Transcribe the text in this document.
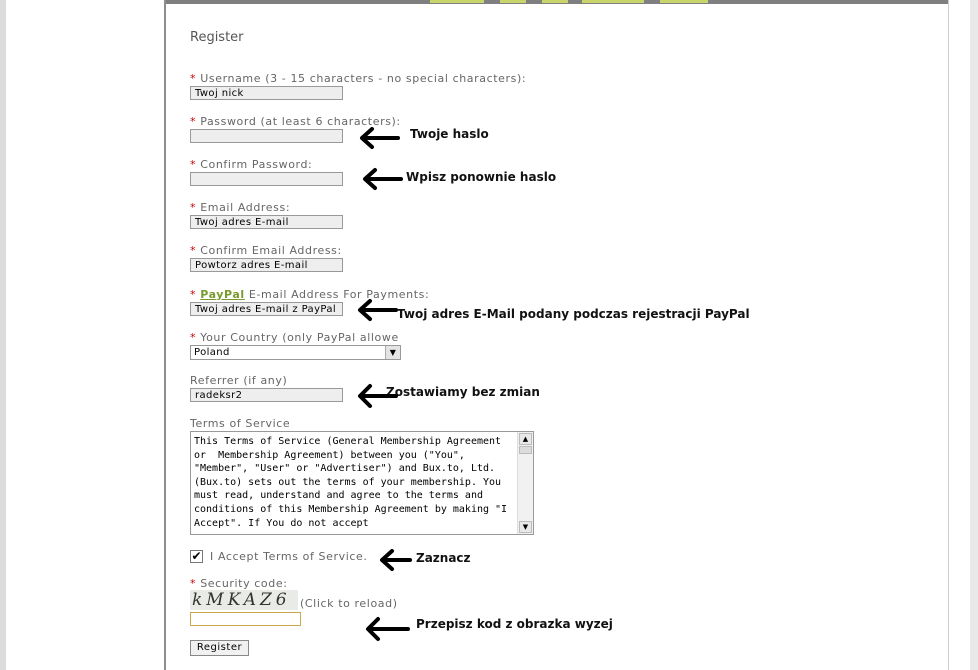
Register
* Username (3 - 15 characters - no special characters):
Twoj nick
* Password (at least 6 characters):
* Confirm Password:
* Email Address:
Twoj adres E-mail
* Confirm Email Address:
Powtorz adres E-mail
* PayPal E-mail Address For Payments:
Twoj adres E-mail z PayPal
* Your Country (only PayPal allowe
Poland	▼
Referrer (if any)
radeksr2
Terms of Service
This Terms of Service (General Membership Agreement or  Membership Agreement) between you ("You", "Member", "User" or "Advertiser") and Bux.to, Ltd. (Bux.to) sets out the terms of your membership. You must read, understand and agree to the terms and conditions of this Membership Agreement by making "I Accept". If You do not accept
▲
▼
✔ I Accept Terms of Service.
* Security code:
kMKAZ6 (Click to reload)
Register
Twoje haslo
Wpisz ponownie haslo
Twoj adres E-Mail podany podczas rejestracji PayPal
Zostawiamy bez zmian
Zaznacz
Przepisz kod z obrazka wyzej
